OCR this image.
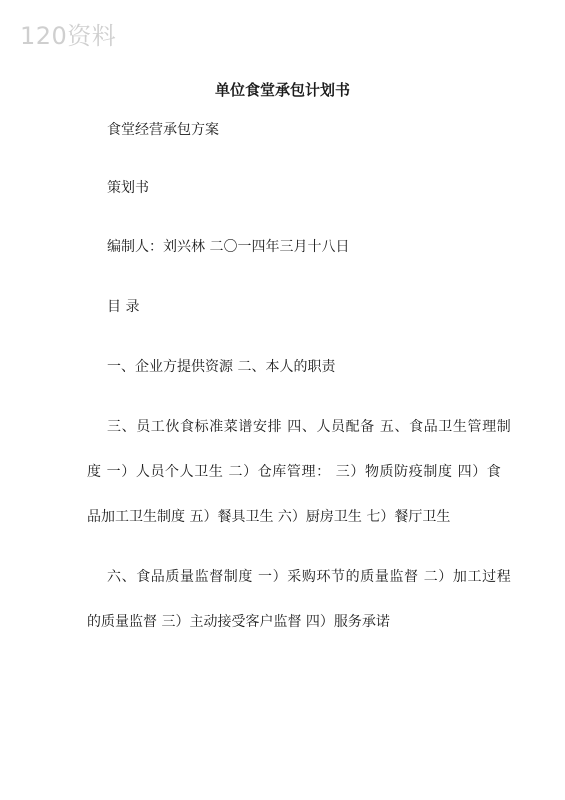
120资料
单位食堂承包计划书
食堂经营承包方案
策划书
编制人：刘兴林 二〇一四年三月十八日
目 录
一、企业方提供资源 二、本人的职责
三、员工伙食标准菜谱安排 四、人员配备 五、食品卫生管理制
度 一）人员个人卫生 二）仓库管理： 三）物质防疫制度 四）食
品加工卫生制度 五）餐具卫生 六）厨房卫生 七）餐厅卫生
六、食品质量监督制度 一）采购环节的质量监督 二）加工过程
的质量监督 三）主动接受客户监督 四）服务承诺
